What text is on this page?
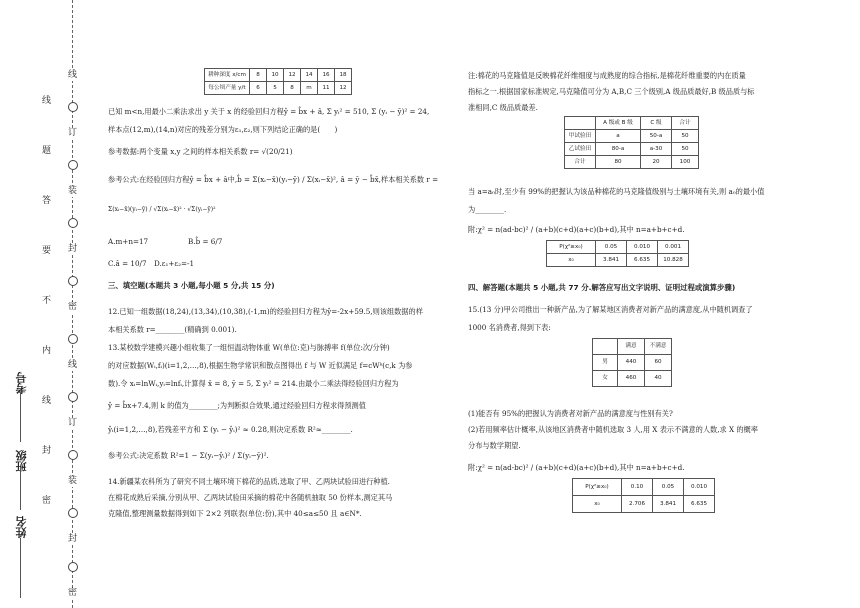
线
订
装
封
密
线
订
装
封
密
线
题
答
要
不
内
线
封
密
考号
班级
姓名
耕种深度 x/cm	8	10	12	14	16	18
每公顷产量 y/t	6	5	8	m	11	12
已知 m<n,用最小二乘法求出 y 关于 x 的经验回归方程ŷ = b̂x + â, Σ yᵢ² = 510, Σ (yᵢ − ȳ)² = 24,
样本点(12,m),(14,n)对应的残差分别为ε₁,ε₂,则下列结论正确的是(　　)
参考数据:两个变量 x,y 之间的样本相关系数 r= √(20/21)
参考公式:在经验回归方程ŷ = b̂x + â中,b̂ = Σ(xᵢ−x̄)(yᵢ−ȳ) / Σ(xᵢ−x̄)², â = ȳ − b̂x̄,样本相关系数 r =
Σ(xᵢ−x̄)(yᵢ−ȳ) / √Σ(xᵢ−x̄)² · √Σ(yᵢ−ȳ)²
A.m+n=17	B.b̂ = 6/7
C.â = 10/7 D.ε₁+ε₂=-1
三、填空题(本题共 3 小题,每小题 5 分,共 15 分)
12.已知一组数据(18,24),(13,34),(10,38),(-1,m)的经验回归方程为ŷ=-2x+59.5,则该组数据的样
本相关系数 r=________(精确到 0.001).
13.某校数学建模兴趣小组收集了一组恒温动物体重 W(单位:克)与脉搏率 f(单位:次/分钟)
的对应数据(Wᵢ,fᵢ)(i=1,2,…,8),根据生物学常识和散点图得出 f 与 W 近似满足 f=cWᵏ(c,k 为参
数).令 xᵢ=lnWᵢ,yᵢ=lnfᵢ,计算得 x̄ = 8, ȳ = 5, Σ yᵢ² = 214.由最小二乘法得经验回归方程为
ŷ = b̂x+7.4,则 k 的值为________;为判断拟合效果,通过经验回归方程求得预测值
ŷᵢ(i=1,2,…,8),若残差平方和 Σ (yᵢ − ŷᵢ)² ≈ 0.28,则决定系数 R²≈________.
参考公式:决定系数 R²=1 − Σ(yᵢ−ŷᵢ)² / Σ(yᵢ−ȳ)².
14.新疆某农科所为了研究不同土壤环境下棉花的品质,选取了甲、乙两块试验田进行种植.
在棉花成熟后采摘,分别从甲、乙两块试验田采摘的棉花中各随机抽取 50 份样本,测定其马
克隆值,整理测量数据得到如下 2×2 列联表(单位:份),其中 40≤a≤50 且 a∈N*.
注:棉花的马克隆值是反映棉花纤维细度与成熟度的综合指标,是棉花纤维重要的内在质量
指标之一.根据国家标准规定,马克隆值可分为 A,B,C 三个级别,A 级品质最好,B 级品质与标
准相同,C 级品质最差.
	A 级或 B 级	C 级	合计
甲试验田	a	50-a	50
乙试验田	80-a	a-30	50
合计	80	20	100
当 a=a₀时,至少有 99%的把握认为该品种棉花的马克隆值级别与土壤环境有关,则 a₀的最小值
为________.
附:χ² = n(ad-bc)² / (a+b)(c+d)(a+c)(b+d),其中 n=a+b+c+d.
P(χ²≥x₀)	0.05	0.010	0.001
x₀	3.841	6.635	10.828
四、解答题(本题共 5 小题,共 77 分.解答应写出文字说明、证明过程或演算步骤)
15.(13 分)甲公司推出一种新产品,为了解某地区消费者对新产品的满意度,从中随机调查了
1000 名消费者,得到下表:
	满意	不满意
男	440	60
女	460	40
(1)能否有 95%的把握认为消费者对新产品的满意度与性别有关?
(2)若用频率估计概率,从该地区消费者中随机选取 3 人,用 X 表示不满意的人数,求 X 的概率
分布与数学期望.
附:χ² = n(ad-bc)² / (a+b)(c+d)(a+c)(b+d),其中 n=a+b+c+d.
P(χ²≥x₀)	0.10	0.05	0.010
x₀	2.706	3.841	6.635
